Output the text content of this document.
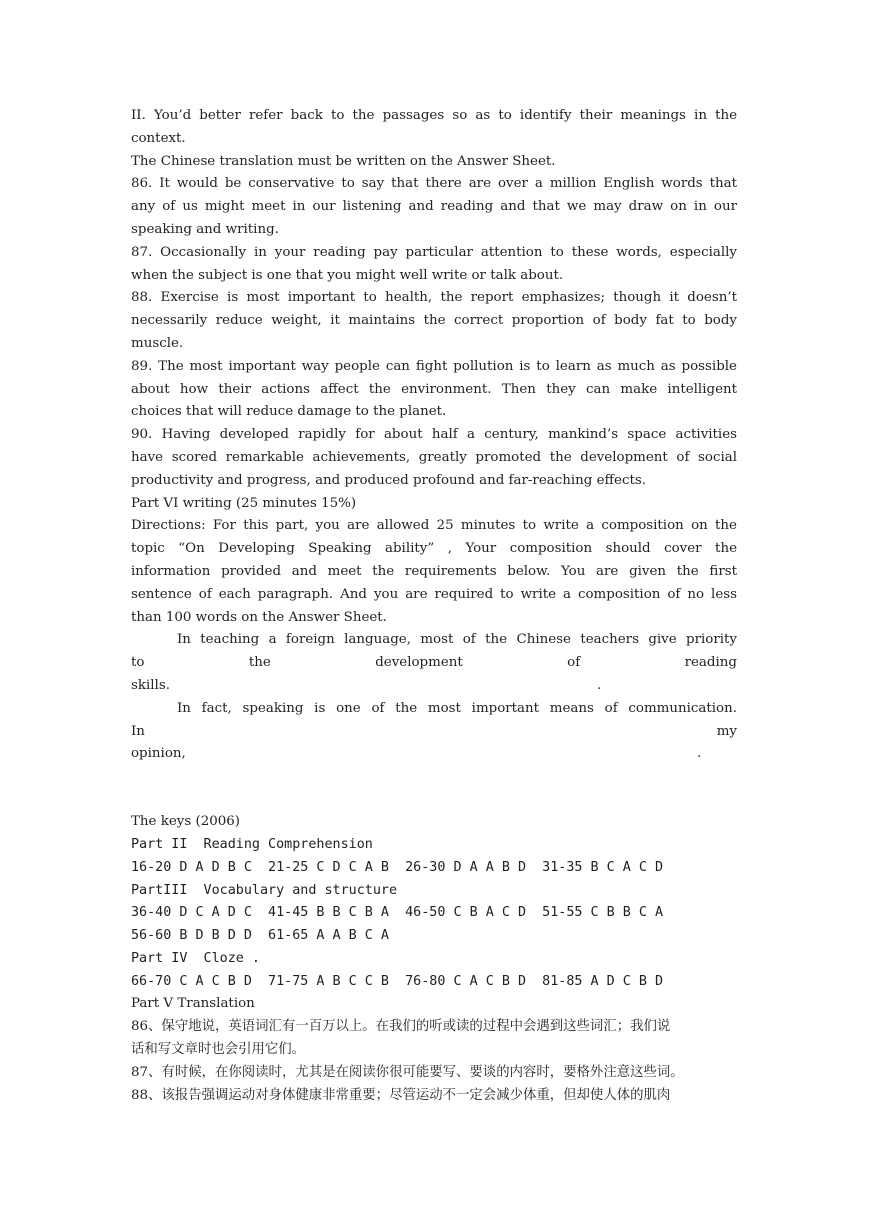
II. You’d better refer back to the passages so as to identify their meanings in the
context.
The Chinese translation must be written on the Answer Sheet.
86. It would be conservative to say that there are over a million English words that
any of us might meet in our listening and reading and that we may draw on in our
speaking and writing.
87. Occasionally in your reading pay particular attention to these words, especially
when the subject is one that you might well write or talk about.
88. Exercise is most important to health, the report emphasizes; though it doesn’t
necessarily reduce weight, it maintains the correct proportion of body fat to body
muscle.
89. The most important way people can fight pollution is to learn as much as possible
about how their actions affect the environment. Then they can make intelligent
choices that will reduce damage to the planet.
90. Having developed rapidly for about half a century, mankind’s space activities
have scored remarkable achievements, greatly promoted the development of social
productivity and progress, and produced profound and far-reaching effects.
Part VI writing (25 minutes 15%)
Directions: For this part, you are allowed 25 minutes to write a composition on the
topic “On Developing Speaking ability” , Your composition should cover the
information provided and meet the requirements below. You are given the first
sentence of each paragraph. And you are required to write a composition of no less
than 100 words on the Answer Sheet.
In teaching a foreign language, most of the Chinese teachers give priority
to	the	development	of	reading
skills.	.
In fact, speaking is one of the most important means of communication.
In	my
opinion,	.
The keys (2006)
Part II  Reading Comprehension
16-20 D A D B C  21-25 C D C A B  26-30 D A A B D  31-35 B C A C D
PartIII  Vocabulary and structure
36-40 D C A D C  41-45 B B C B A  46-50 C B A C D  51-55 C B B C A
56-60 B D B D D  61-65 A A B C A
Part IV  Cloze .
66-70 C A C B D  71-75 A B C C B  76-80 C A C B D  81-85 A D C B D
Part V Translation
86、保守地说，英语词汇有一百万以上。在我们的听或读的过程中会遇到这些词汇；我们说
话和写文章时也会引用它们。
87、有时候，在你阅读时，尤其是在阅读你很可能要写、要谈的内容时，要格外注意这些词。
88、该报告强调运动对身体健康非常重要；尽管运动不一定会减少体重，但却使人体的肌肉
